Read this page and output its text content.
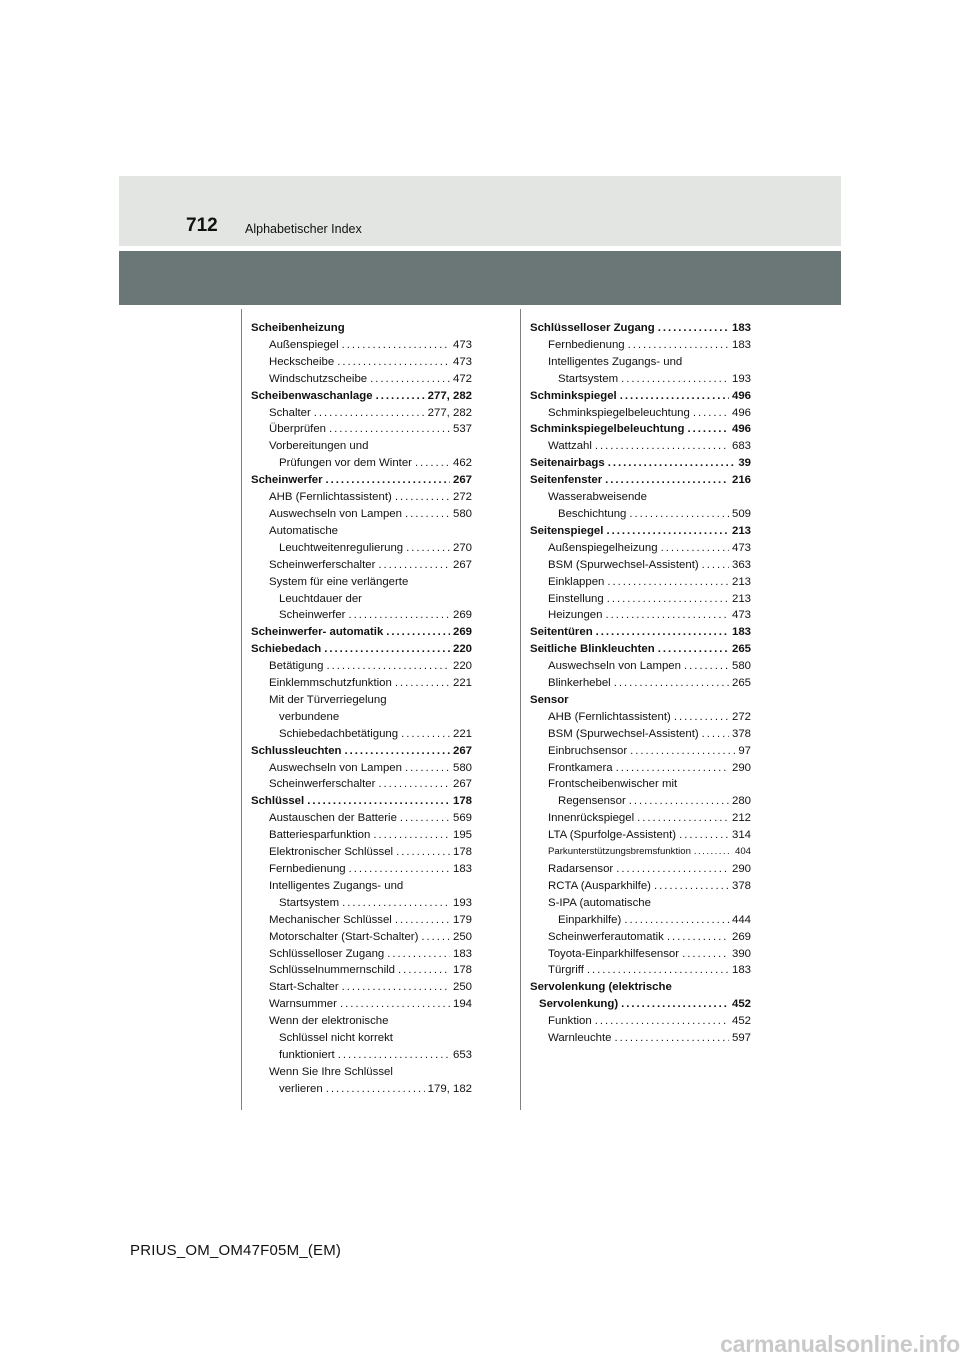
712 Alphabetischer Index
Scheibenheizung
Außenspiegel . . .	473
Heckscheibe . . .	473
Windschutzscheibe . . .	472
Scheibenwaschanlage . . .	277, 282
Schalter . . .	277, 282
Überprüfen . . .	537
Vorbereitungen und
Prüfungen vor dem Winter . . .	462
Scheinwerfer . . .	267
AHB (Fernlichtassistent) . . .	272
Auswechseln von Lampen . . .	580
Automatische
Leuchtweitenregulierung . . .	270
Scheinwerferschalter . . .	267
System für eine verlängerte
Leuchtdauer der
Scheinwerfer . . .	269
Scheinwerfer- automatik . . .	269
Schiebedach . . .	220
Betätigung . . .	220
Einklemmschutzfunktion . . .	221
Mit der Türverriegelung
verbundene
Schiebedachbetätigung . . .	221
Schlussleuchten . . .	267
Auswechseln von Lampen . . .	580
Scheinwerferschalter . . .	267
Schlüssel . . .	178
Austauschen der Batterie . . .	569
Batteriesparfunktion . . .	195
Elektronischer Schlüssel . . .	178
Fernbedienung . . .	183
Intelligentes Zugangs- und
Startsystem . . .	193
Mechanischer Schlüssel . . .	179
Motorschalter (Start-Schalter) . . .	250
Schlüsselloser Zugang . . .	183
Schlüsselnummernschild . . .	178
Start-Schalter . . .	250
Warnsummer . . .	194
Wenn der elektronische
Schlüssel nicht korrekt
funktioniert . . .	653
Wenn Sie Ihre Schlüssel
verlieren . . .	179, 182
Schlüsselloser Zugang . . .	183
Fernbedienung . . .	183
Intelligentes Zugangs- und
Startsystem . . .	193
Schminkspiegel . . .	496
Schminkspiegelbeleuchtung . . .	496
Schminkspiegelbeleuchtung . . .	496
Wattzahl . . .	683
Seitenairbags . . .	39
Seitenfenster . . .	216
Wasserabweisende
Beschichtung . . .	509
Seitenspiegel . . .	213
Außenspiegelheizung . . .	473
BSM (Spurwechsel-Assistent) . . .	363
Einklappen . . .	213
Einstellung . . .	213
Heizungen . . .	473
Seitentüren . . .	183
Seitliche Blinkleuchten . . .	265
Auswechseln von Lampen . . .	580
Blinkerhebel . . .	265
Sensor
AHB (Fernlichtassistent) . . .	272
BSM (Spurwechsel-Assistent) . . .	378
Einbruchsensor . . .	97
Frontkamera . . .	290
Frontscheibenwischer mit
Regensensor . . .	280
Innenrückspiegel . . .	212
LTA (Spurfolge-Assistent) . . .	314
Parkunterstützungsbremsfunktion . . .	404
Radarsensor . . .	290
RCTA (Ausparkhilfe) . . .	378
S-IPA (automatische
Einparkhilfe) . . .	444
Scheinwerferautomatik . . .	269
Toyota-Einparkhilfesensor . . .	390
Türgriff . . .	183
Servolenkung (elektrische
Servolenkung) . . .	452
Funktion . . .	452
Warnleuchte . . .	597
PRIUS_OM_OM47F05M_(EM)
carmanualsonline.info
